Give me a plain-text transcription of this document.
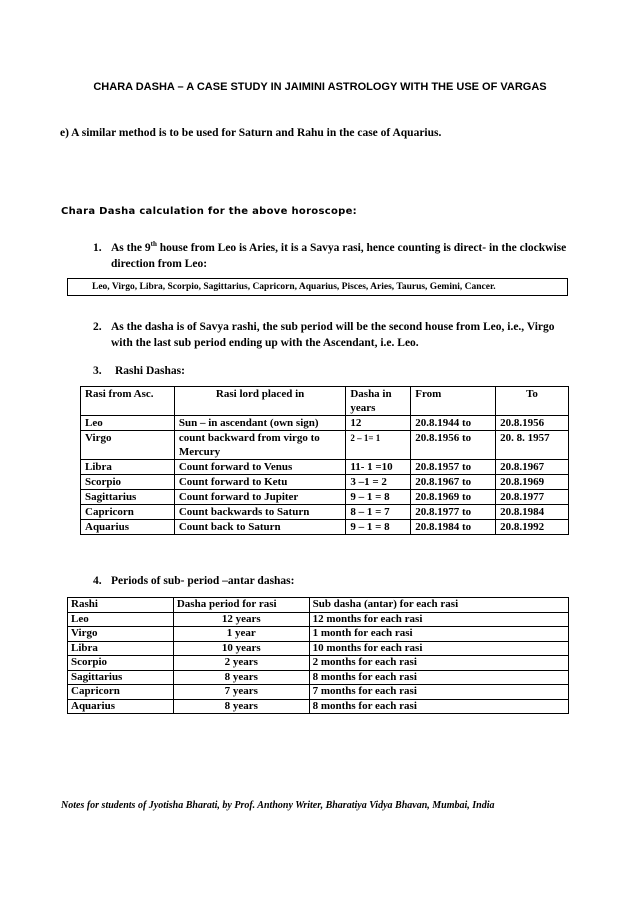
CHARA DASHA – A CASE STUDY IN JAIMINI ASTROLOGY WITH THE USE OF VARGAS
e) A similar method is to be used for Saturn and Rahu in the case of Aquarius.
Chara Dasha calculation for the above horoscope:
1. As the 9th house from Leo is Aries, it is a Savya rasi, hence counting is direct- in the clockwise direction from Leo:
Leo, Virgo, Libra, Scorpio, Sagittarius, Capricorn, Aquarius, Pisces, Aries, Taurus, Gemini, Cancer.
2. As the dasha is of Savya rashi, the sub period will be the second house from Leo, i.e., Virgo with the last sub period ending up with the Ascendant, i.e. Leo.
3. Rashi Dashas:
Rasi from Asc.	Rasi lord placed in	Dasha in years	From	To
Leo	Sun – in ascendant (own sign)	12	20.8.1944 to	20.8.1956
Virgo	count backward from virgo to Mercury	2 – 1= 1	20.8.1956 to	20. 8. 1957
Libra	Count forward to Venus	11- 1 =10	20.8.1957 to	20.8.1967
Scorpio	Count forward to Ketu	3 –1 = 2	20.8.1967 to	20.8.1969
Sagittarius	Count forward to Jupiter	9 – 1 = 8	20.8.1969 to	20.8.1977
Capricorn	Count backwards to Saturn	8 – 1 = 7	20.8.1977 to	20.8.1984
Aquarius	Count back to Saturn	9 – 1 = 8	20.8.1984 to	20.8.1992
4. Periods of sub- period –antar dashas:
Rashi	Dasha period for rasi	Sub dasha (antar) for each rasi
Leo	12 years	12 months for each rasi
Virgo	1 year	1 month for each rasi
Libra	10 years	10 months for each rasi
Scorpio	2 years	2 months for each rasi
Sagittarius	8 years	8 months for each rasi
Capricorn	7 years	7 months for each rasi
Aquarius	8 years	8 months for each rasi
Notes for students of Jyotisha Bharati, by Prof. Anthony Writer, Bharatiya Vidya Bhavan, Mumbai, India
